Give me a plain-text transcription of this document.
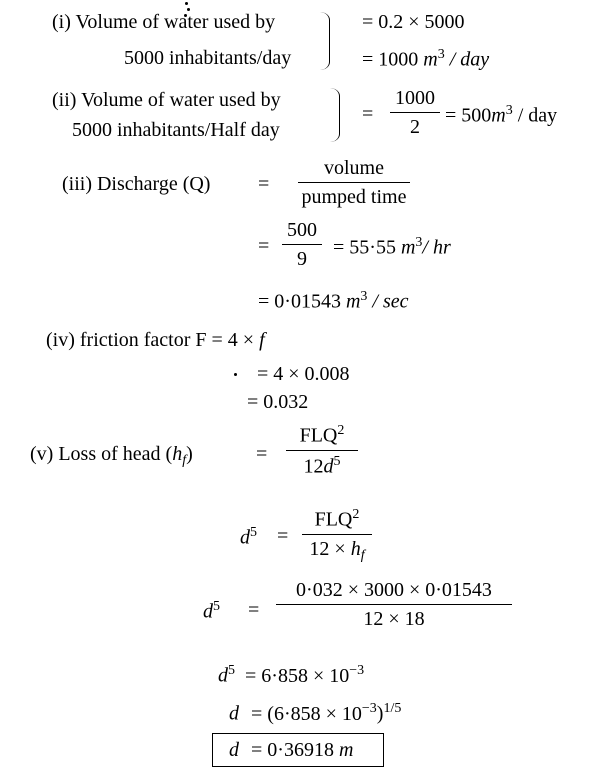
(i) Volume of water used by
5000 inhabitants/day
= 0.2 × 5000
= 1000 $m^3$ / day
(ii) Volume of water used by
5000 inhabitants/Half day
=
1000
2
= $500m^3$ / day
(iii) Discharge (Q) =
volume
pumped time
=
500
9
= 55·55 $m^3/$ hr
= 0·01543 $m^3$ / sec
(iv) friction factor F = 4 × f
= 4 × 0.008
= 0.032
(v) Loss of head $(h_f)$	=
$FLQ^2$
$12d^5$
$d^5$ =
$FLQ^2$
$12 \times h_f$
$d^5$ =
0·032 × 3000 × 0·01543
12 × 18
$d^5 = 6\cdot 858 \times 10^{-3}$
$d = (6\cdot 858 \times 10^{-3})^{1/5}$
d = 0·36918 m
